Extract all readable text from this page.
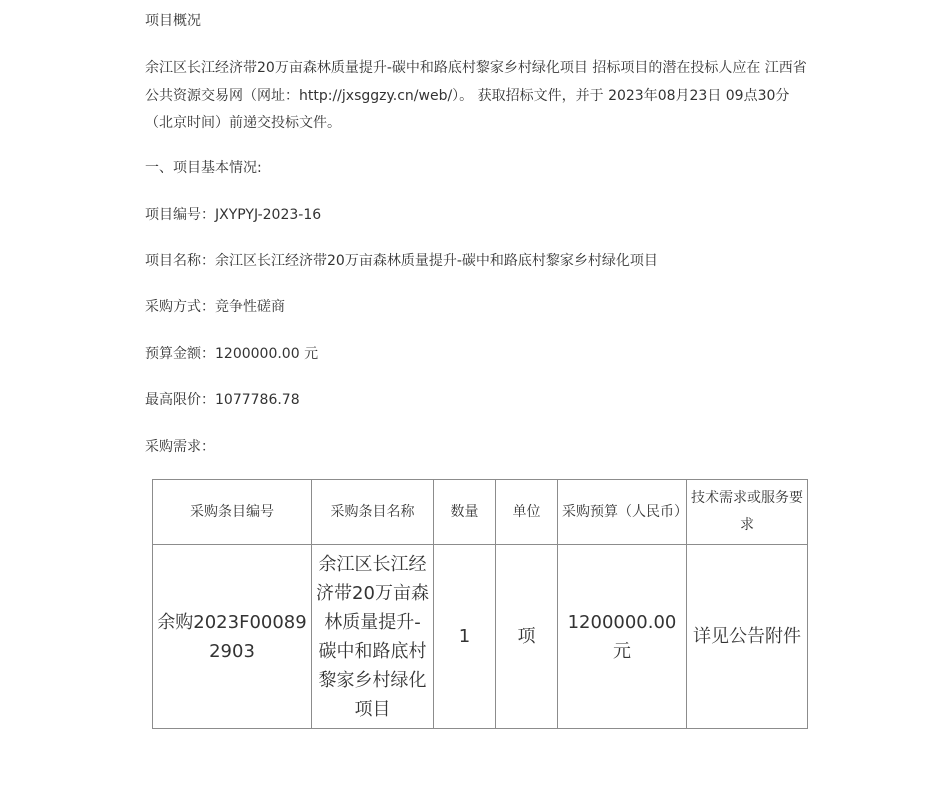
项目概况

余江区长江经济带20万亩森林质量提升-碳中和路底村黎家乡村绿化项目 招标项目的潜在投标人应在 江西省公共资源交易网（网址：http://jxsggzy.cn/web/）。 获取招标文件，并于 2023年08月23日 09点30分 （北京时间）前递交投标文件。

一、项目基本情况:

项目编号：JXYPYJ-2023-16

项目名称：余江区长江经济带20万亩森林质量提升-碳中和路底村黎家乡村绿化项目

采购方式：竞争性磋商

预算金额：1200000.00 元

最高限价：1077786.78

采购需求：

采购条目编号	采购条目名称	数量	单位	采购预算（人民币）	技术需求或服务要求
余购2023F000892903	余江区长江经济带20万亩森林质量提升-碳中和路底村黎家乡村绿化项目	1	项	1200000.00元	详见公告附件
